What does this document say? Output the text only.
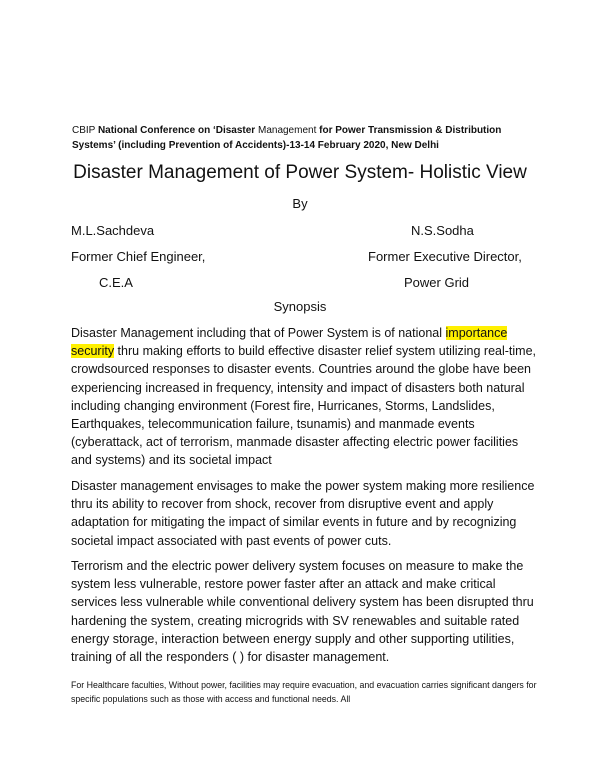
CBIP National Conference on ‘Disaster Management for Power Transmission & Distribution Systems’ (including Prevention of Accidents)-13-14 February 2020, New Delhi
Disaster Management of Power System- Holistic View
By
M.L.Sachdeva	N.S.Sodha
Former Chief Engineer,	Former Executive Director,
C.E.A	Power Grid
Synopsis

Disaster Management including that of Power System is of national importance security thru making efforts to build effective disaster relief system utilizing real-time, crowdsourced responses to disaster events. Countries around the globe have been experiencing increased in frequency, intensity and impact of disasters both natural including changing environment (Forest fire, Hurricanes, Storms, Landslides, Earthquakes, telecommunication failure, tsunamis) and manmade events (cyberattack, act of terrorism, manmade disaster affecting electric power facilities and systems) and its societal impact

Disaster management envisages to make the power system making more resilience thru its ability to recover from shock, recover from disruptive event and apply adaptation for mitigating the impact of similar events in future and by recognizing societal impact associated with past events of power cuts.

Terrorism and the electric power delivery system focuses on measure to make the system less vulnerable, restore power faster after an attack and make critical services less vulnerable while conventional delivery system has been disrupted thru hardening the system, creating microgrids with SV renewables and suitable rated energy storage, interaction between energy supply and other supporting utilities, training of all the responders ( ) for disaster management.

For Healthcare faculties, Without power, facilities may require evacuation, and evacuation carries significant dangers for specific populations such as those with access and functional needs. All
